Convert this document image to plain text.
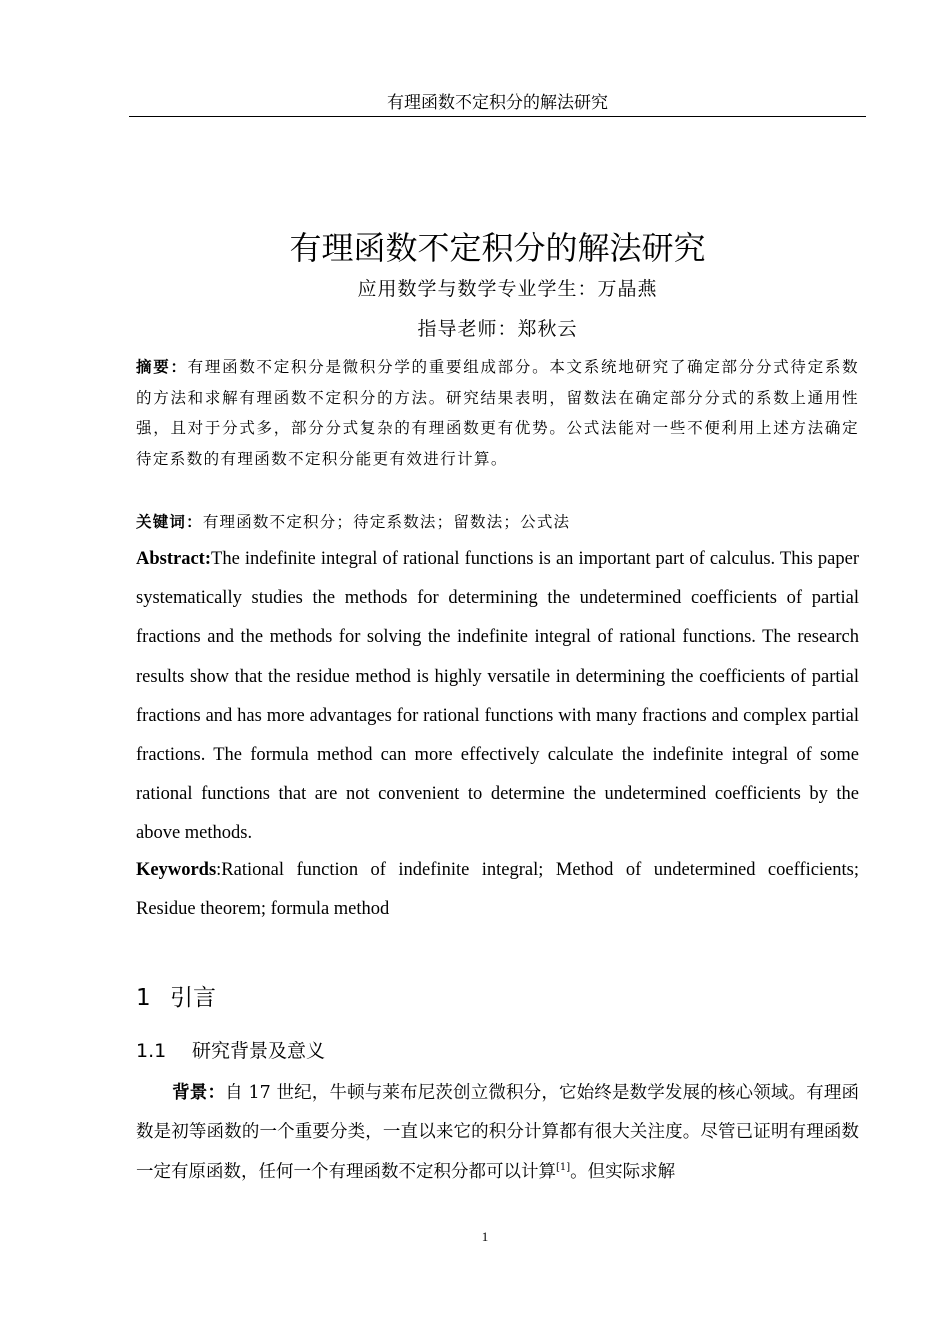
有理函数不定积分的解法研究
有理函数不定积分的解法研究
应用数学与数学专业学生：万晶燕
指导老师：郑秋云
摘要：有理函数不定积分是微积分学的重要组成部分。本文系统地研究了确定部分分式待定系数的方法和求解有理函数不定积分的方法。研究结果表明，留数法在确定部分分式的系数上通用性强，且对于分式多，部分分式复杂的有理函数更有优势。公式法能对一些不便利用上述方法确定待定系数的有理函数不定积分能更有效进行计算。
关键词：有理函数不定积分；待定系数法；留数法；公式法
Abstract:The indefinite integral of rational functions is an important part of calculus. This paper systematically studies the methods for determining the undetermined coefficients of partial fractions and the methods for solving the indefinite integral of rational functions. The research results show that the residue method is highly versatile in determining the coefficients of partial fractions and has more advantages for rational functions with many fractions and complex partial fractions. The formula method can more effectively calculate the indefinite integral of some rational functions that are not convenient to determine the undetermined coefficients by the above methods.
Keywords:Rational function of indefinite integral; Method of undetermined coefficients; Residue theorem; formula method
1 引言
1.1 研究背景及意义
背景：自 17 世纪，牛顿与莱布尼茨创立微积分，它始终是数学发展的核心领域。有理函数是初等函数的一个重要分类，一直以来它的积分计算都有很大关注度。尽管已证明有理函数一定有原函数，任何一个有理函数不定积分都可以计算[1]。但实际求解
1
